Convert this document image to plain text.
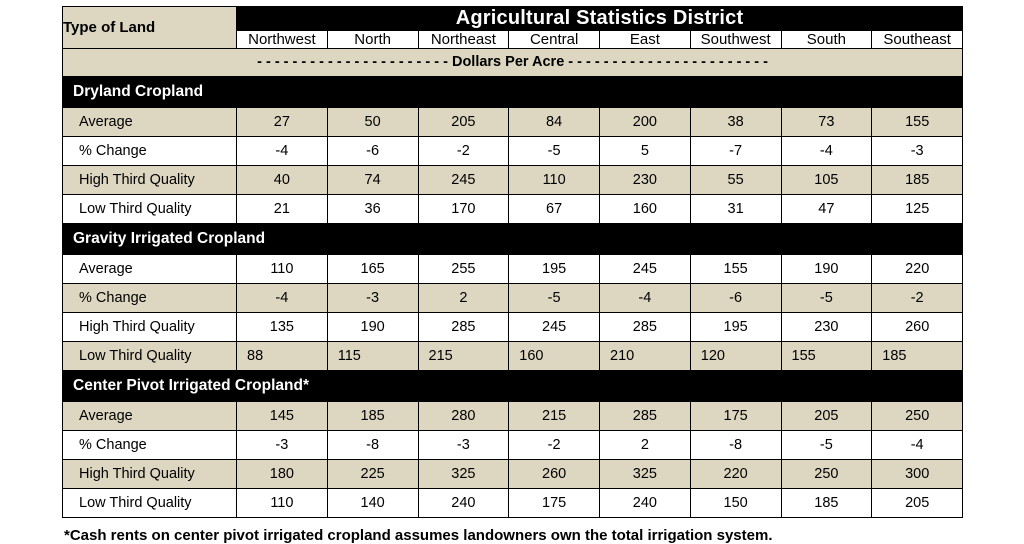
Type of Land	Agricultural Statistics District							
	Northwest	North	Northeast	Central	East	Southwest	South	Southeast
- - - - - - - - - - - - - - - - - - - - - - Dollars Per Acre - - - - - - - - - - - - - - - - - - - - - - -								
Dryland Cropland								
Average	27	50	205	84	200	38	73	155
% Change	-4	-6	-2	-5	5	-7	-4	-3
High Third Quality	40	74	245	110	230	55	105	185
Low Third Quality	21	36	170	67	160	31	47	125
Gravity Irrigated Cropland								
Average	110	165	255	195	245	155	190	220
% Change	-4	-3	2	-5	-4	-6	-5	-2
High Third Quality	135	190	285	245	285	195	230	260
Low Third Quality	88	115	215	160	210	120	155	185
Center Pivot Irrigated Cropland*								
Average	145	185	280	215	285	175	205	250
% Change	-3	-8	-3	-2	2	-8	-5	-4
High Third Quality	180	225	325	260	325	220	250	300
Low Third Quality	110	140	240	175	240	150	185	205
*Cash rents on center pivot irrigated cropland assumes landowners own the total irrigation system.
